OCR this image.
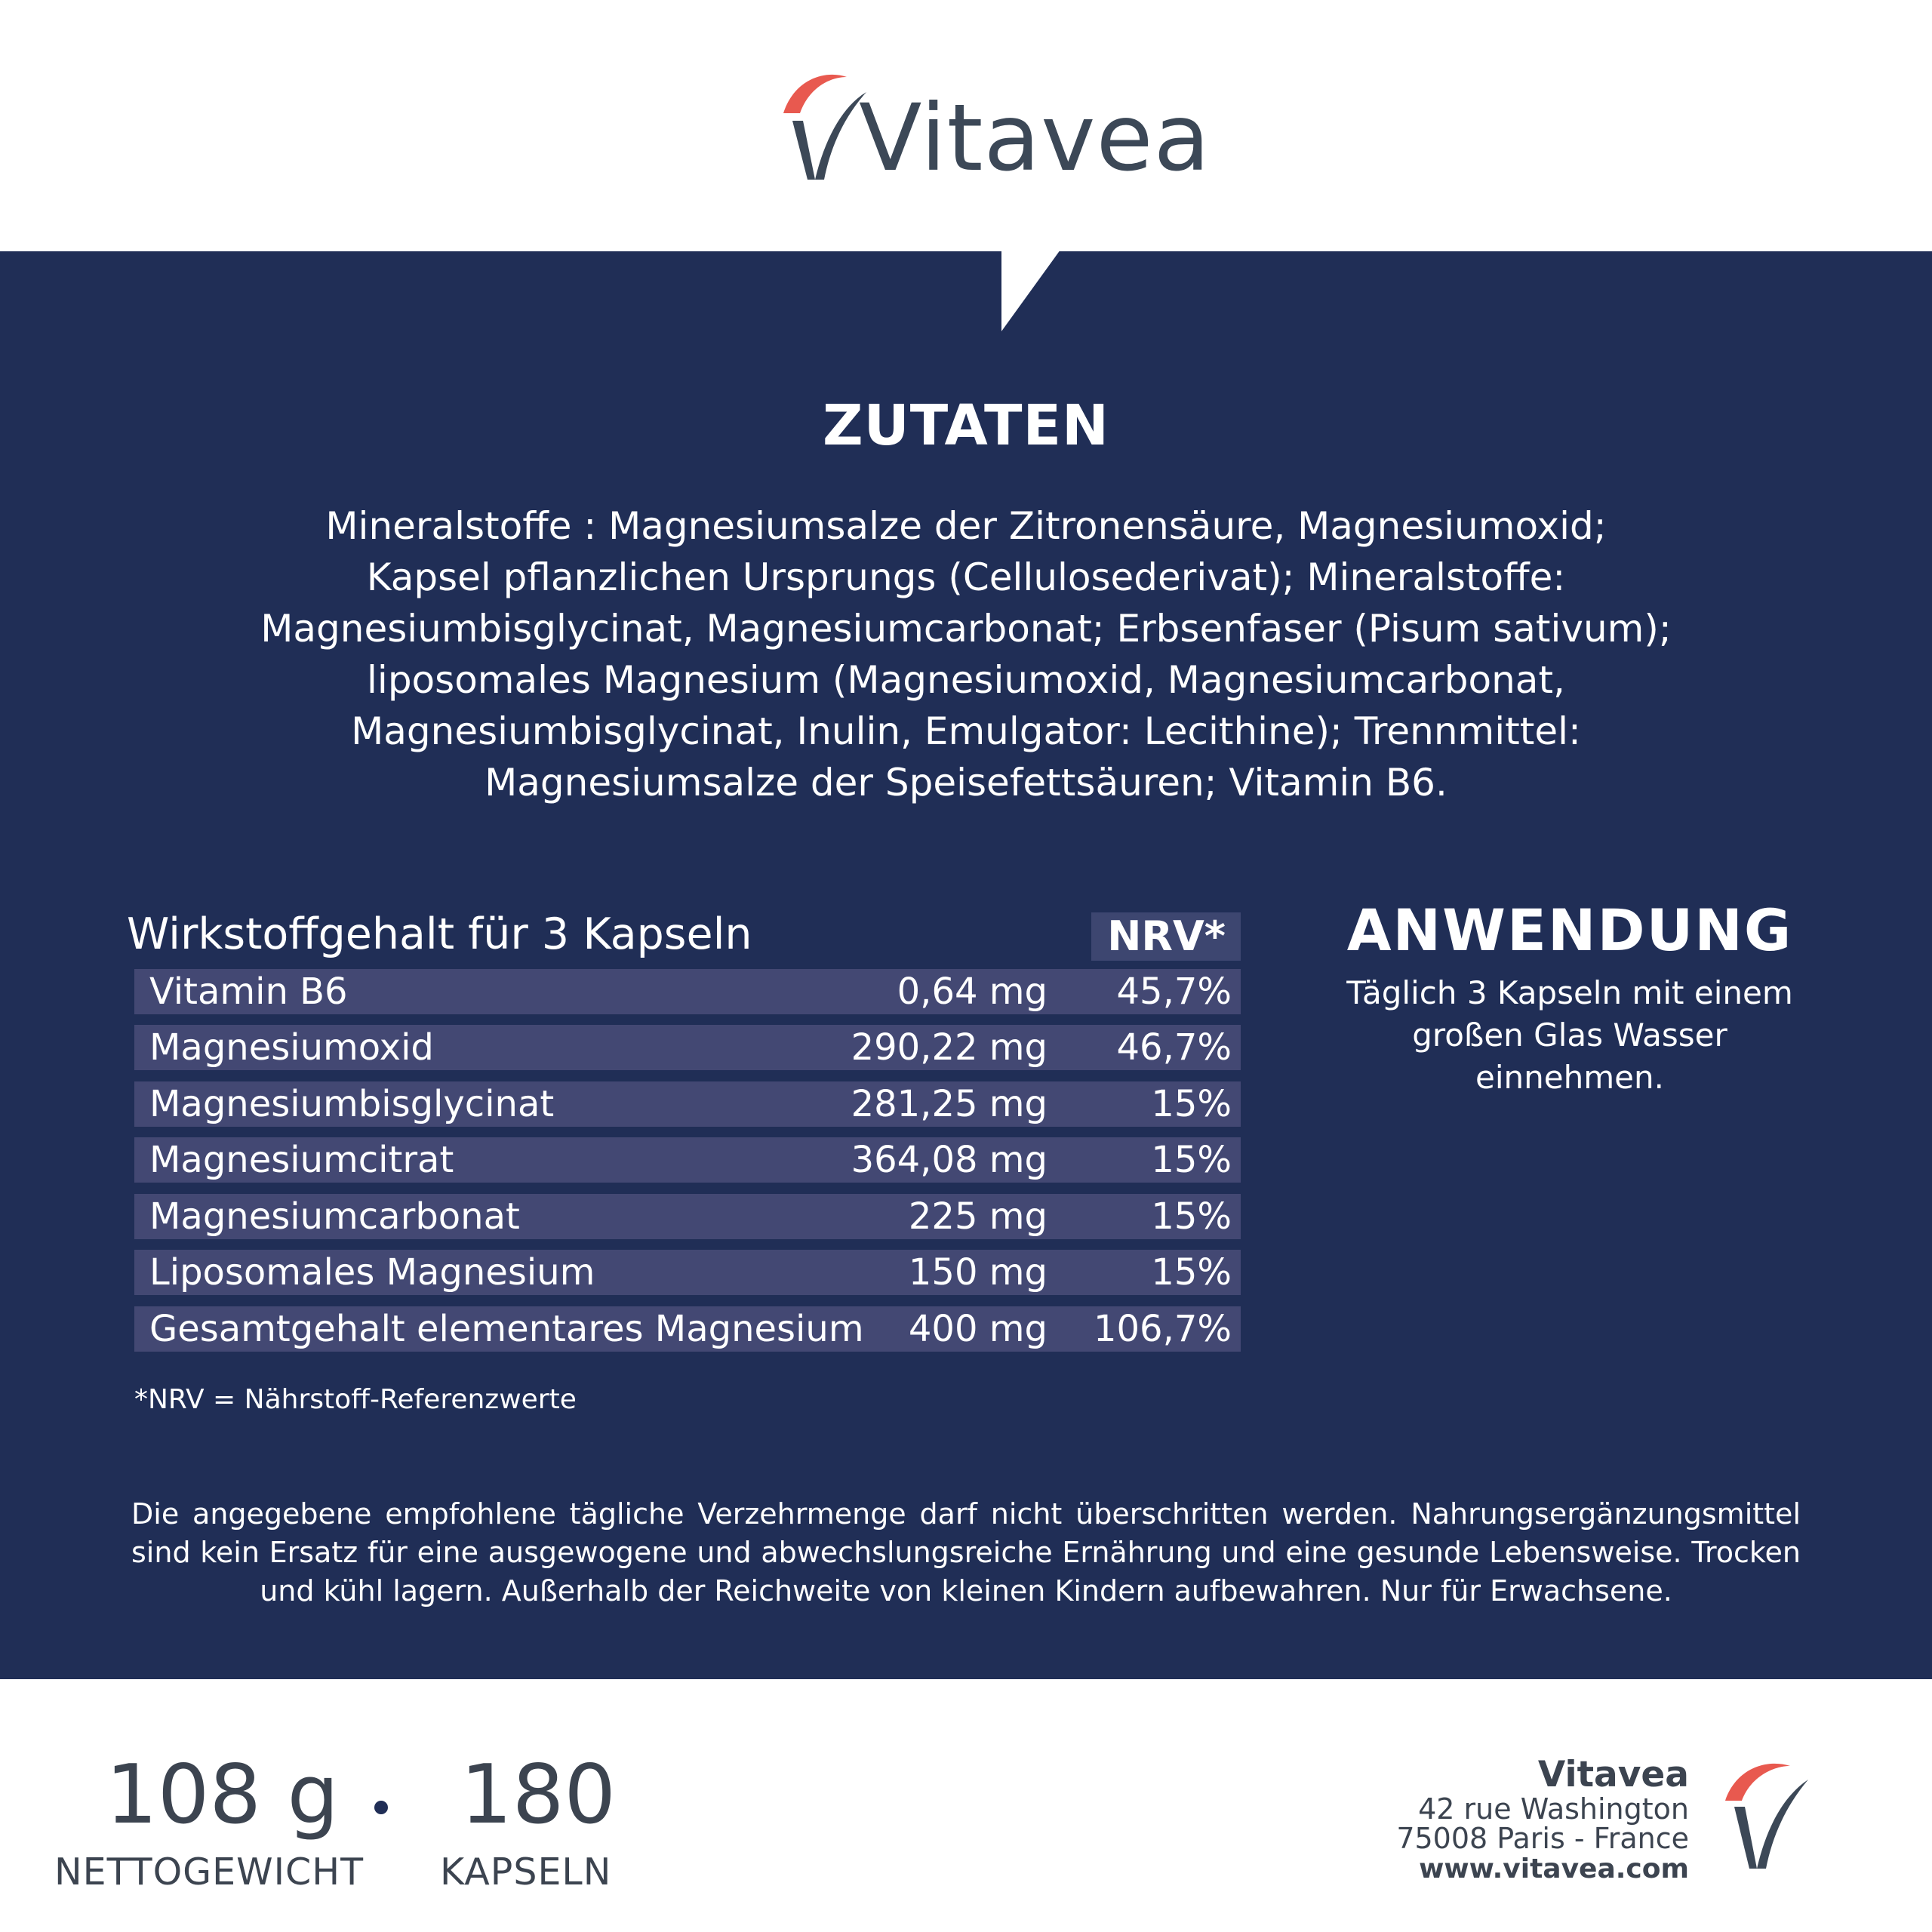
Vitavea
ZUTATEN
Mineralstoffe : Magnesiumsalze der Zitronensäure, Magnesiumoxid;
Kapsel pflanzlichen Ursprungs (Cellulosederivat); Mineralstoffe:
Magnesiumbisglycinat, Magnesiumcarbonat; Erbsenfaser (Pisum sativum);
liposomales Magnesium (Magnesiumoxid, Magnesiumcarbonat,
Magnesiumbisglycinat, Inulin, Emulgator: Lecithine); Trennmittel:
Magnesiumsalze der Speisefettsäuren; Vitamin B6.
Wirkstoffgehalt für 3 Kapseln	NRV*
Vitamin B6	0,64 mg 45,7%
Magnesiumoxid	290,22 mg 46,7%
Magnesiumbisglycinat	281,25 mg	15%
Magnesiumcitrat	364,08 mg	15%
Magnesiumcarbonat	225 mg	15%
Liposomales Magnesium	150 mg	15%
Gesamtgehalt elementares Magnesium 400 mg 106,7%
*NRV = Nährstoff-Referenzwerte
ANWENDUNG
Täglich 3 Kapseln mit einem
großen Glas Wasser
einnehmen.
Die angegebene empfohlene tägliche Verzehrmenge darf nicht überschritten werden. Nahrungsergänzungsmittel sind kein Ersatz für eine ausgewogene und abwechslungsreiche Ernährung und eine gesunde Lebensweise. Trocken und kühl lagern. Außerhalb der Reichweite von kleinen Kindern aufbewahren. Nur für Erwachsene.
108 g
NETTOGEWICHT
180
KAPSELN
Vitavea
42 rue Washington
75008 Paris - France
www.vitavea.com
